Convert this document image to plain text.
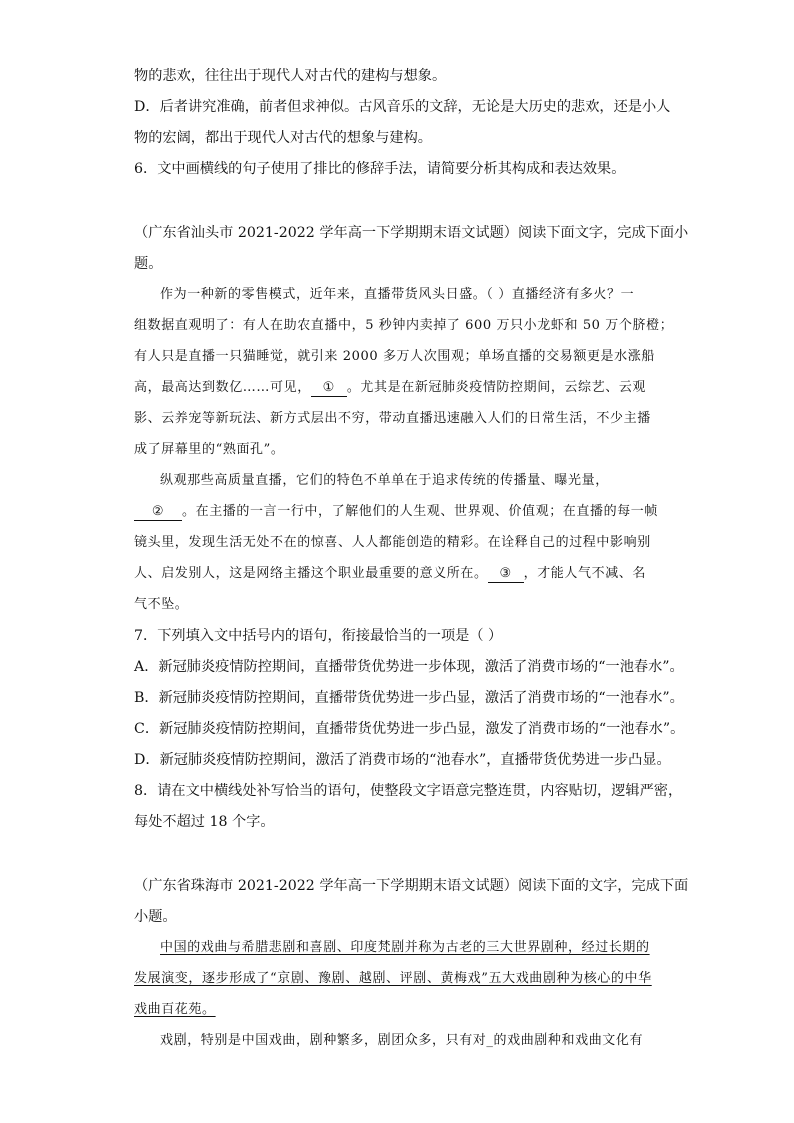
物的悲欢，往往出于现代人对古代的建构与想象。
D．后者讲究准确，前者但求神似。古风音乐的文辞，无论是大历史的悲欢，还是小人
物的宏阔，都出于现代人对古代的想象与建构。
6．文中画横线的句子使用了排比的修辞手法，请简要分析其构成和表达效果。
（广东省汕头市 2021-2022 学年高一下学期期末语文试题）阅读下面文字，完成下面小
题。
作为一种新的零售模式，近年来，直播带货风头日盛。（ ）直播经济有多火？一
组数据直观明了：有人在助农直播中，5 秒钟内卖掉了 600 万只小龙虾和 50 万个脐橙；
有人只是直播一只猫睡觉，就引来 2000 多万人次围观；单场直播的交易额更是水涨船
高，最高达到数亿……可见， ① 。尤其是在新冠肺炎疫情防控期间，云综艺、云观
影、云养宠等新玩法、新方式层出不穷，带动直播迅速融入人们的日常生活，不少主播
成了屏幕里的“熟面孔”。
纵观那些高质量直播，它们的特色不单单在于追求传统的传播量、曝光量，
② 。在主播的一言一行中，了解他们的人生观、世界观、价值观；在直播的每一帧
镜头里，发现生活无处不在的惊喜、人人都能创造的精彩。在诠释自己的过程中影响别
人、启发别人，这是网络主播这个职业最重要的意义所在。 ③ ，才能人气不减、名
气不坠。
7．下列填入文中括号内的语句，衔接最恰当的一项是（ ）
A．新冠肺炎疫情防控期间，直播带货优势进一步体现，激活了消费市场的“一池春水”。
B．新冠肺炎疫情防控期间，直播带货优势进一步凸显，激活了消费市场的“一池春水”。
C．新冠肺炎疫情防控期间，直播带货优势进一步凸显，激发了消费市场的“一池春水”。
D．新冠肺炎疫情防控期间，激活了消费市场的“池春水”，直播带货优势进一步凸显。
8．请在文中横线处补写恰当的语句，使整段文字语意完整连贯，内容贴切，逻辑严密，
每处不超过 18 个字。
（广东省珠海市 2021-2022 学年高一下学期期末语文试题）阅读下面的文字，完成下面
小题。
中国的戏曲与希腊悲剧和喜剧、印度梵剧并称为古老的三大世界剧种，经过长期的
发展演变，逐步形成了“京剧、豫剧、越剧、评剧、黄梅戏”五大戏曲剧种为核心的中华
戏曲百花苑。
戏剧，特别是中国戏曲，剧种繁多，剧团众多，只有对_的戏曲剧种和戏曲文化有
